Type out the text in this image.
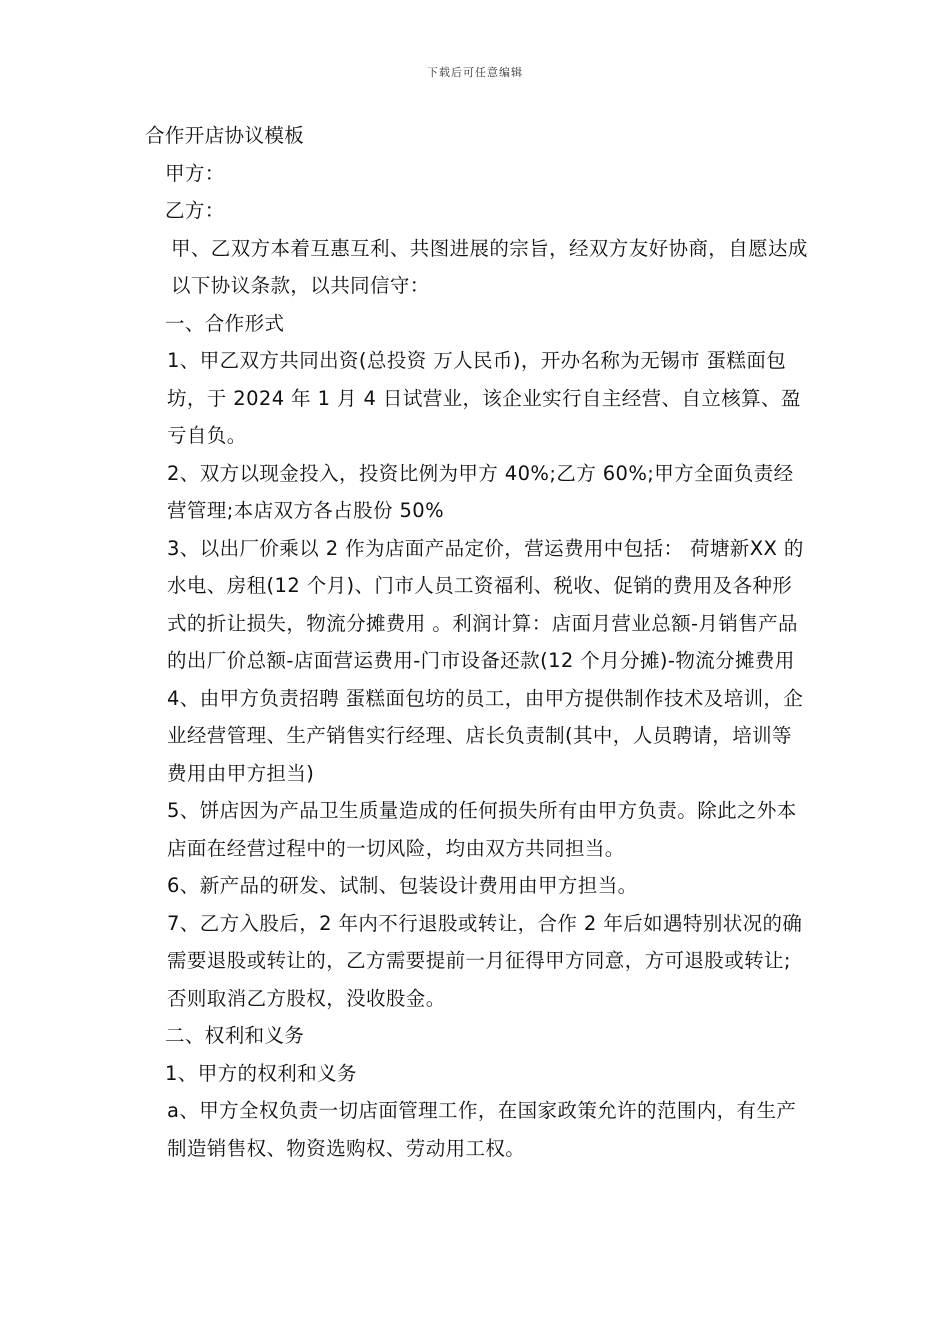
下载后可任意编辑
合作开店协议模板
甲方：
乙方：
甲、乙双方本着互惠互利、共图进展的宗旨，经双方友好协商，自愿达成以下协议条款，以共同信守：
一、合作形式
1、甲乙双方共同出资(总投资 万人民币)，开办名称为无锡市 蛋糕面包坊，于 2024 年 1 月 4 日试营业，该企业实行自主经营、自立核算、盈亏自负。
2、双方以现金投入，投资比例为甲方 40%;乙方 60%;甲方全面负责经营管理;本店双方各占股份 50%
3、以出厂价乘以 2 作为店面产品定价，营运费用中包括： 荷塘新XX 的水电、房租(12 个月)、门市人员工资福利、税收、促销的费用及各种形式的折让损失，物流分摊费用 。利润计算：店面月营业总额-月销售产品的出厂价总额-店面营运费用-门市设备还款(12 个月分摊)-物流分摊费用
4、由甲方负责招聘 蛋糕面包坊的员工，由甲方提供制作技术及培训，企业经营管理、生产销售实行经理、店长负责制(其中，人员聘请，培训等费用由甲方担当)
5、饼店因为产品卫生质量造成的任何损失所有由甲方负责。除此之外本店面在经营过程中的一切风险，均由双方共同担当。
6、新产品的研发、试制、包装设计费用由甲方担当。
7、乙方入股后，2 年内不行退股或转让，合作 2 年后如遇特别状况的确需要退股或转让的，乙方需要提前一月征得甲方同意，方可退股或转让;否则取消乙方股权，没收股金。
二、权利和义务
1、甲方的权利和义务
a、甲方全权负责一切店面管理工作，在国家政策允许的范围内，有生产制造销售权、物资选购权、劳动用工权。
